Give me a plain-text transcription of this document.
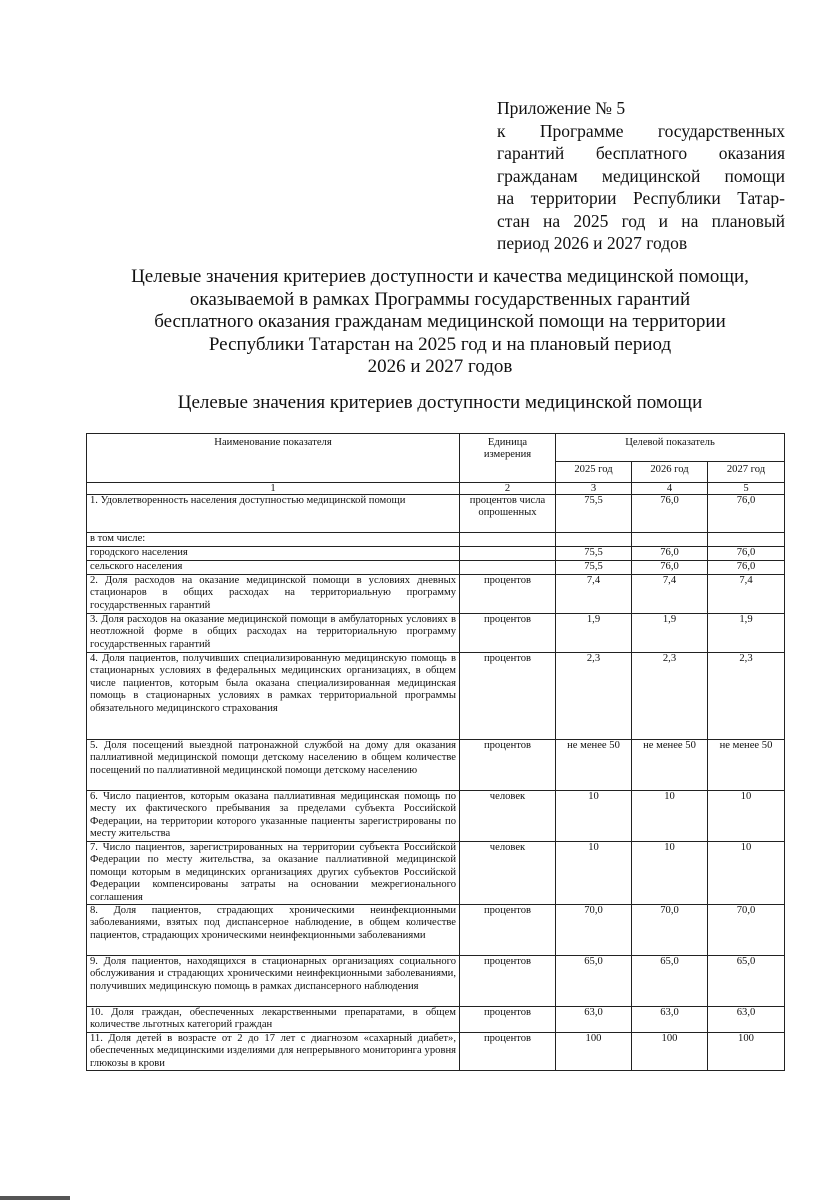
Приложение № 5
к Программе государственных
гарантий бесплатного оказания
гражданам медицинской помощи
на территории Республики Татар-
стан на 2025 год и на плановый
период 2026 и 2027 годов
Целевые значения критериев доступности и качества медицинской помощи,
оказываемой в рамках Программы государственных гарантий
бесплатного оказания гражданам медицинской помощи на территории
Республики Татарстан на 2025 год и на плановый период
2026 и 2027 годов
Целевые значения критериев доступности медицинской помощи
Наименование показателя	Единица измерения	Целевой показатель		
		2025 год	2026 год	2027 год
1	2	3	4	5
1. Удовлетворенность населения доступностью медицинской помощи	процентов числа опрошенных	75,5	76,0	76,0
в том числе:				
городского населения		75,5	76,0	76,0
сельского населения		75,5	76,0	76,0
2. Доля расходов на оказание медицинской помощи в условиях дневных стационаров в общих расходах на территориальную программу государственных гарантий	процентов	7,4	7,4	7,4
3. Доля расходов на оказание медицинской помощи в амбулаторных условиях в неотложной форме в общих расходах на территориальную программу государственных гарантий	процентов	1,9	1,9	1,9
4. Доля пациентов, получивших специализированную медицинскую помощь в стационарных условиях в федеральных медицинских организациях, в общем числе пациентов, которым была оказана специализированная медицинская помощь в стационарных условиях в рамках территориальной программы обязательного медицинского страхования	процентов	2,3	2,3	2,3
5. Доля посещений выездной патронажной службой на дому для оказания паллиативной медицинской помощи детскому населению в общем количестве посещений по паллиативной медицинской помощи детскому населению	процентов	не менее 50	не менее 50	не менее 50
6. Число пациентов, которым оказана паллиативная медицинская помощь по месту их фактического пребывания за пределами субъекта Российской Федерации, на территории которого указанные пациенты зарегистрированы по месту жительства	человек	10	10	10
7. Число пациентов, зарегистрированных на территории субъекта Российской Федерации по месту жительства, за оказание паллиативной медицинской помощи которым в медицинских организациях других субъектов Российской Федерации компенсированы затраты на основании межрегионального соглашения	человек	10	10	10
8. Доля пациентов, страдающих хроническими неинфекционными заболеваниями, взятых под диспансерное наблюдение, в общем количестве пациентов, страдающих хроническими неинфекционными заболеваниями	процентов	70,0	70,0	70,0
9. Доля пациентов, находящихся в стационарных организациях социального обслуживания и страдающих хроническими неинфекционными заболеваниями, получивших медицинскую помощь в рамках диспансерного наблюдения	процентов	65,0	65,0	65,0
10. Доля граждан, обеспеченных лекарственными препаратами, в общем количестве льготных категорий граждан	процентов	63,0	63,0	63,0
11. Доля детей в возрасте от 2 до 17 лет с диагнозом «сахарный диабет», обеспеченных медицинскими изделиями для непрерывного мониторинга уровня глюкозы в крови	процентов	100	100	100
